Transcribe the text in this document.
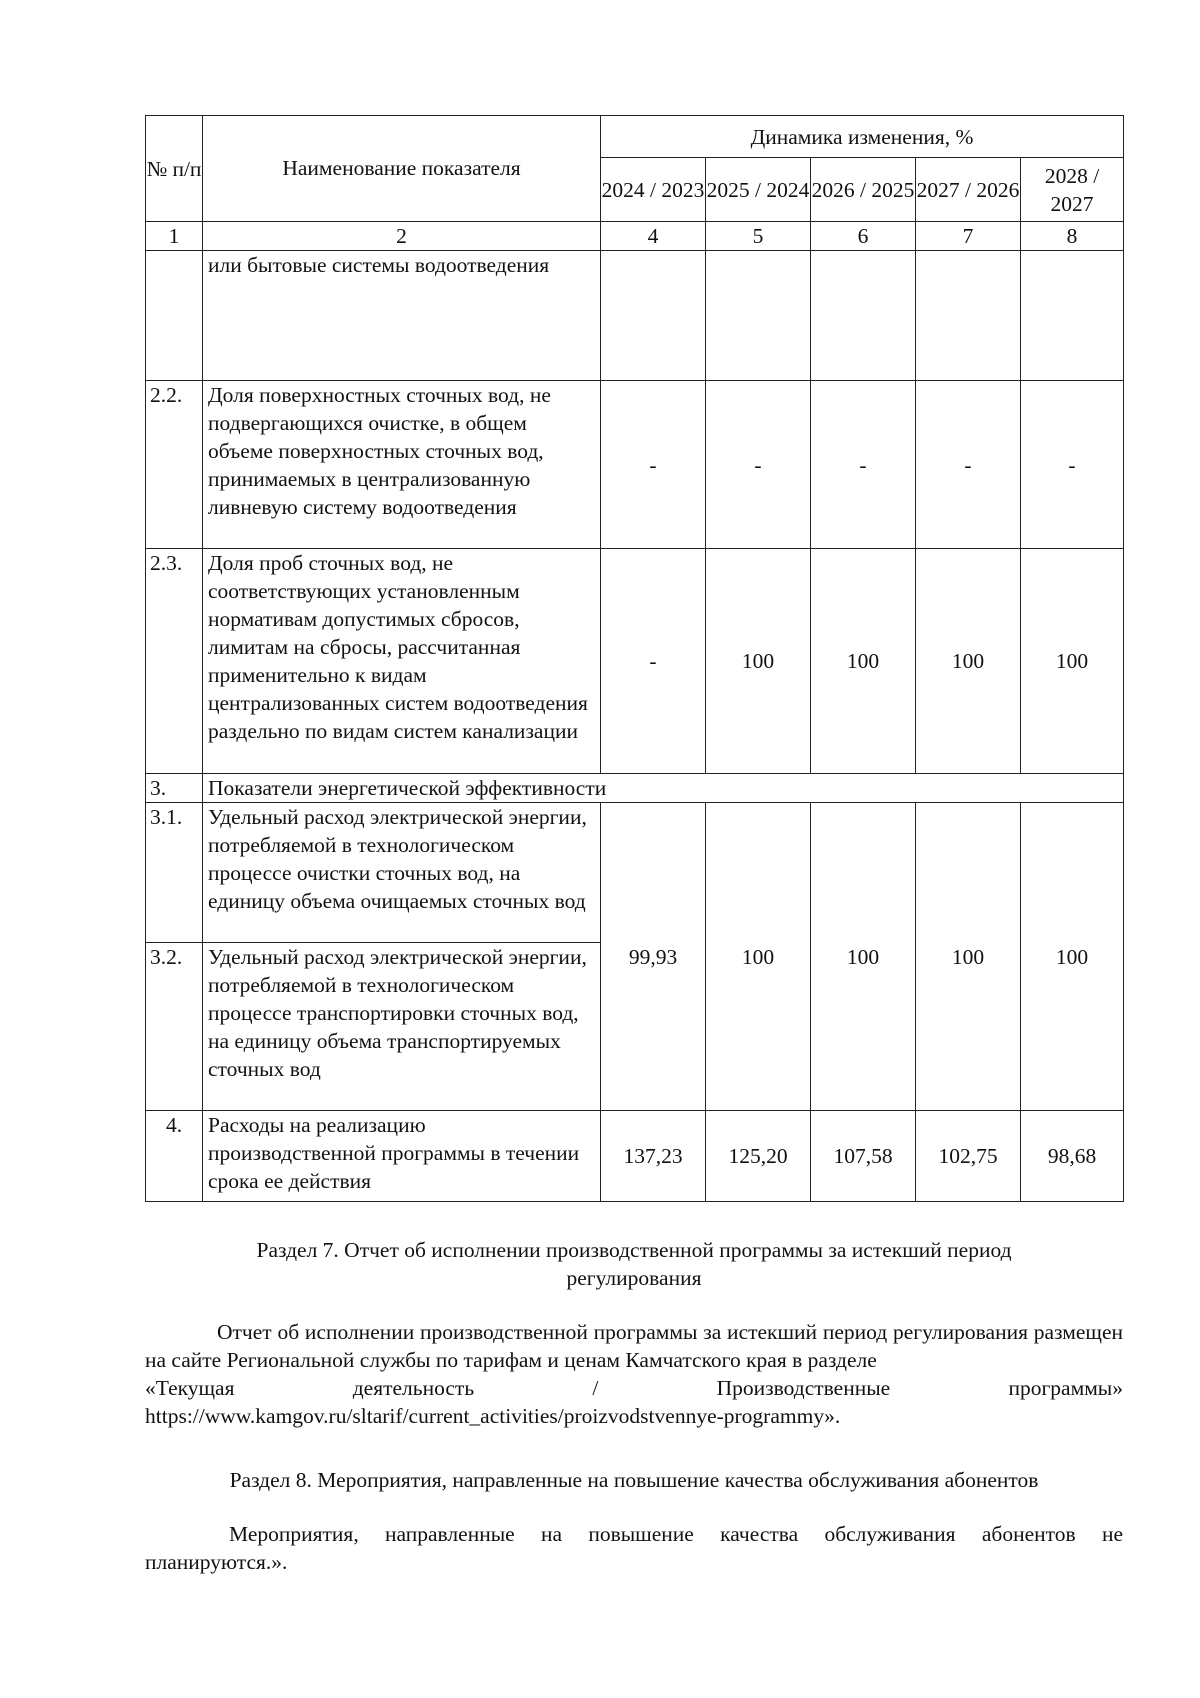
№ п/п	Наименование показателя	Динамика изменения, %				
		2024 / 2023	2025 / 2024	2026 / 2025	2027 / 2026	2028 / 2027
1	2	4	5	6	7	8
	или бытовые системы водоотведения					
2.2.	Доля поверхностных сточных вод, не подвергающихся очистке, в общем объеме поверхностных сточных вод, принимаемых в централизованную ливневую систему водоотведения	-	-	-	-	-
2.3.	Доля проб сточных вод, не соответствующих установленным нормативам допустимых сбросов, лимитам на сбросы, рассчитанная применительно к видам централизованных систем водоотведения раздельно по видам систем канализации	-	100	100	100	100
3.	Показатели энергетической эффективности					
3.1.	Удельный расход электрической энергии, потребляемой в технологическом процессе очистки сточных вод, на единицу объема очищаемых сточных вод	99,93	100	100	100	100
3.2.	Удельный расход электрической энергии, потребляемой в технологическом процессе транспортировки сточных вод, на единицу объема транспортируемых сточных вод					
4.	Расходы на реализацию производственной программы в течении срока ее действия	137,23	125,20	107,58	102,75	98,68
Раздел 7. Отчет об исполнении производственной программы за истекший период регулирования
Отчет об исполнении производственной программы за истекший период регулирования размещен на сайте Региональной службы по тарифам и ценам Камчатского края в разделе
«Текущая деятельность / Производственные программы»
https://www.kamgov.ru/sltarif/current_activities/proizvodstvennye-programmy».
Раздел 8. Мероприятия, направленные на повышение качества обслуживания абонентов
Мероприятия, направленные на повышение качества обслуживания абонентов не планируются.».
